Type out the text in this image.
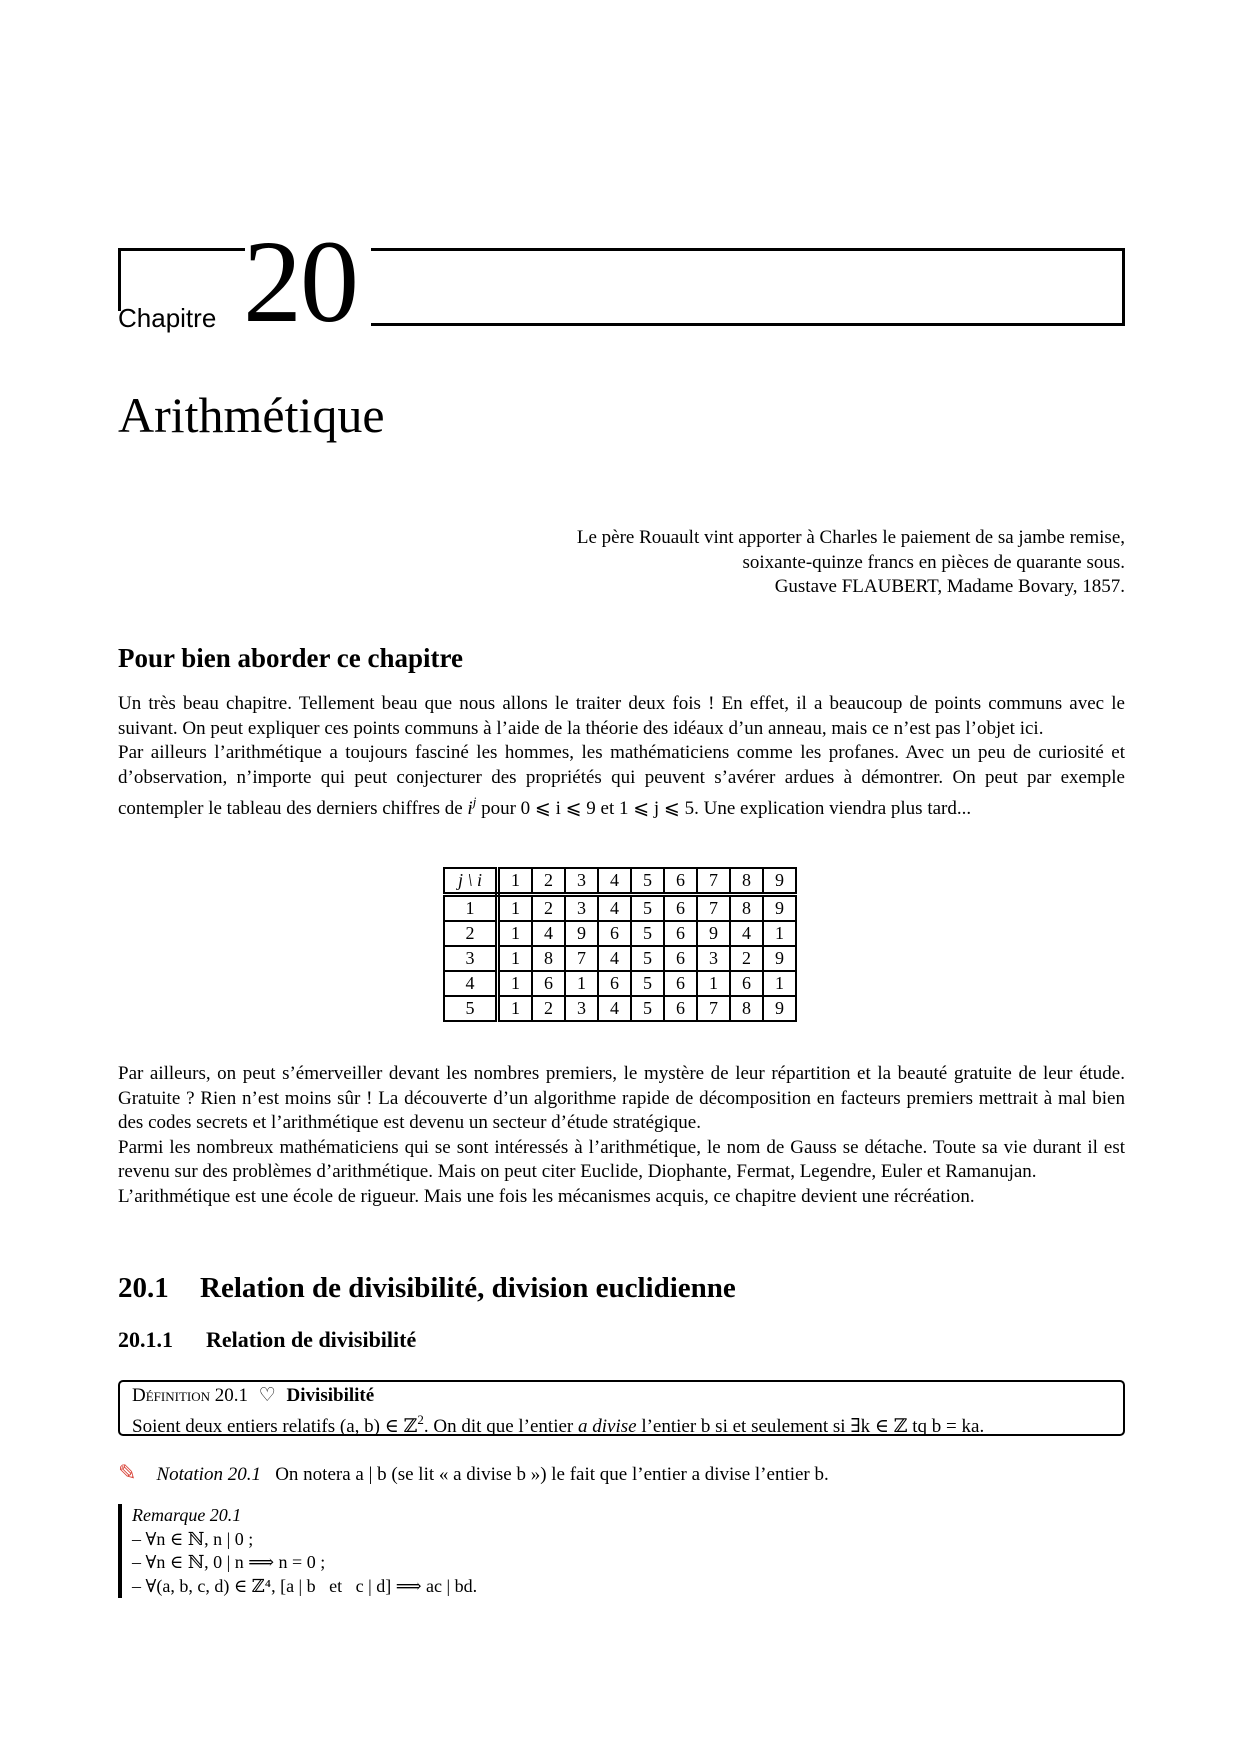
Chapitre 20
Arithmétique
Le père Rouault vint apporter à Charles le paiement de sa jambe remise,
soixante-quinze francs en pièces de quarante sous.
Gustave FLAUBERT, Madame Bovary, 1857.
Pour bien aborder ce chapitre

Un très beau chapitre. Tellement beau que nous allons le traiter deux fois ! En effet, il a beaucoup de points communs avec le suivant. On peut expliquer ces points communs à l’aide de la théorie des idéaux d’un anneau, mais ce n’est pas l’objet ici.

Par ailleurs l’arithmétique a toujours fasciné les hommes, les mathématiciens comme les profanes. Avec un peu de curiosité et d’observation, n’importe qui peut conjecturer des propriétés qui peuvent s’avérer ardues à démontrer. On peut par exemple contempler le tableau des derniers chiffres de $i^j$ pour 0 ⩽ i ⩽ 9 et 1 ⩽ j ⩽ 5. Une explication viendra plus tard...

j \ i	1	2	3	4	5	6	7	8	9
1	1	2	3	4	5	6	7	8	9
2	1	4	9	6	5	6	9	4	1
3	1	8	7	4	5	6	3	2	9
4	1	6	1	6	5	6	1	6	1
5	1	2	3	4	5	6	7	8	9

Par ailleurs, on peut s’émerveiller devant les nombres premiers, le mystère de leur répartition et la beauté gratuite de leur étude. Gratuite ? Rien n’est moins sûr ! La découverte d’un algorithme rapide de décomposition en facteurs premiers mettrait à mal bien des codes secrets et l’arithmétique est devenu un secteur d’étude stratégique.

Parmi les nombreux mathématiciens qui se sont intéressés à l’arithmétique, le nom de Gauss se détache. Toute sa vie durant il est revenu sur des problèmes d’arithmétique. Mais on peut citer Euclide, Diophante, Fermat, Legendre, Euler et Ramanujan.

L’arithmétique est une école de rigueur. Mais une fois les mécanismes acquis, ce chapitre devient une récréation.

20.1 Relation de divisibilité, division euclidienne
20.1.1 Relation de divisibilité
Définition 20.1 ♡ Divisibilité
Soient deux entiers relatifs (a, b) ∈ ℤ$^2$. On dit que l’entier a divise l’entier b si et seulement si ∃k ∈ ℤ tq b = ka.
✎ Notation 20.1 On notera a | b (se lit « a divise b ») le fait que l’entier a divise l’entier b.
Remarque 20.1
– ∀n ∈ ℕ, n | 0 ;
– ∀n ∈ ℕ, 0 | n ⟹ n = 0 ;
– ∀(a, b, c, d) ∈ ℤ⁴, [a | b   et   c | d] ⟹ ac | bd.
